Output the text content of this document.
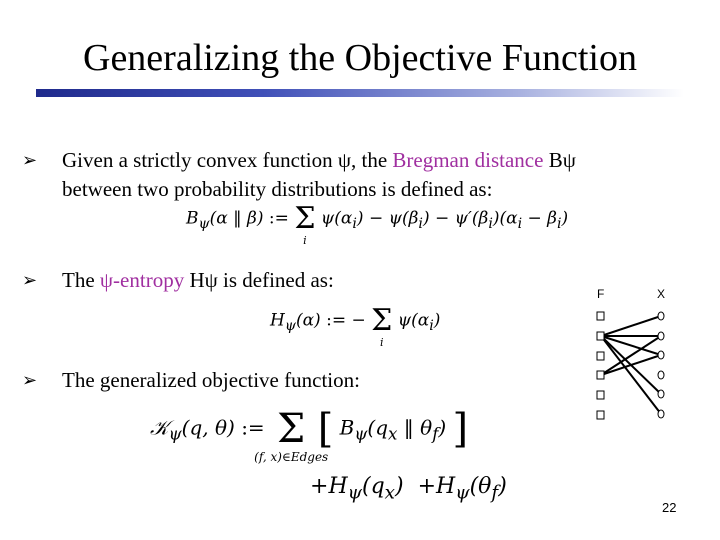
Generalizing the Objective Function
➢ Given a strictly convex function ψ, the Bregman distance Bψ
between two probability distributions is defined as:
$B_\psi(\alpha$ ‖ β) := Σ
i
$\psi(\alpha_i) - \psi(\beta_i) - \psi'(\beta_i)(\alpha_i - \beta_i)$
➢ The ψ-entropy Hψ is defined as:
$H_\psi(\alpha)$ := − Σ
i
$\psi(\alpha_i)$
➢ The generalized objective function:
𝒦$_\psi$(q, θ) := Σ
(f, x)∈Edges
[ $B_\psi(q_x$ ‖ $\theta_f$) ]
$+H_\psi(q_x) +H_\psi(\theta_f)$
F	X
22
